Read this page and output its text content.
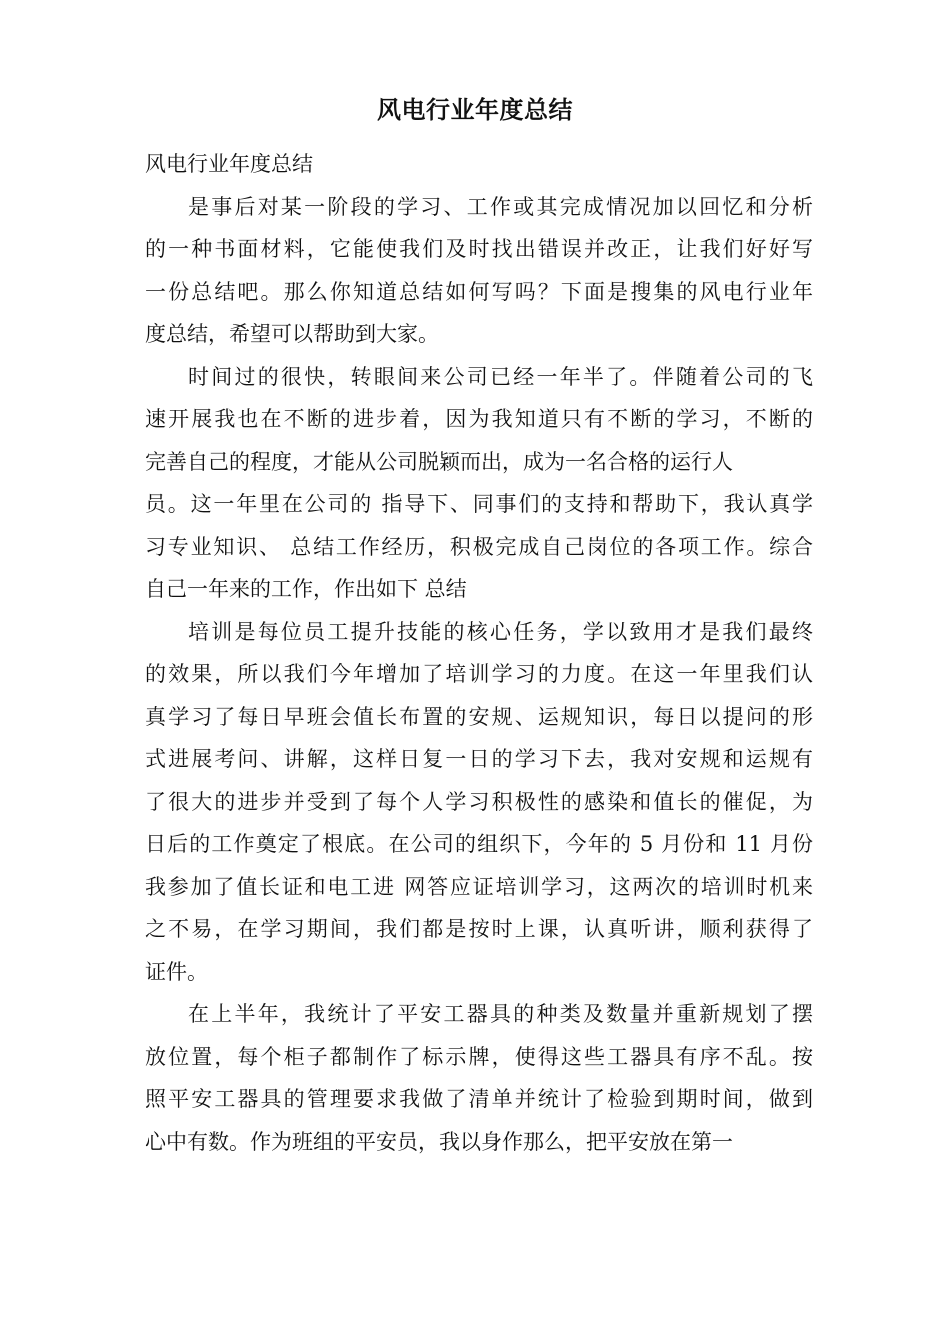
风电行业年度总结
风电行业年度总结
是事后对某一阶段的学习、工作或其完成情况加以回忆和分析
的一种书面材料，它能使我们及时找出错误并改正，让我们好好写
一份总结吧。那么你知道总结如何写吗？下面是搜集的风电行业年
度总结，希望可以帮助到大家。
时间过的很快，转眼间来公司已经一年半了。伴随着公司的飞
速开展我也在不断的进步着，因为我知道只有不断的学习，不断的
完善自己的程度，才能从公司脱颖而出，成为一名合格的运行人
员。这一年里在公司的 指导下、同事们的支持和帮助下，我认真学
习专业知识、 总结工作经历，积极完成自己岗位的各项工作。综合
自己一年来的工作，作出如下 总结
培训是每位员工提升技能的核心任务，学以致用才是我们最终
的效果，所以我们今年增加了培训学习的力度。在这一年里我们认
真学习了每日早班会值长布置的安规、运规知识，每日以提问的形
式进展考问、讲解，这样日复一日的学习下去，我对安规和运规有
了很大的进步并受到了每个人学习积极性的感染和值长的催促，为
日后的工作奠定了根底。在公司的组织下，今年的 5 月份和 11 月份
我参加了值长证和电工进 网答应证培训学习，这两次的培训时机来
之不易，在学习期间，我们都是按时上课，认真听讲，顺利获得了
证件。
在上半年，我统计了平安工器具的种类及数量并重新规划了摆
放位置，每个柜子都制作了标示牌，使得这些工器具有序不乱。按
照平安工器具的管理要求我做了清单并统计了检验到期时间，做到
心中有数。作为班组的平安员，我以身作那么，把平安放在第一
